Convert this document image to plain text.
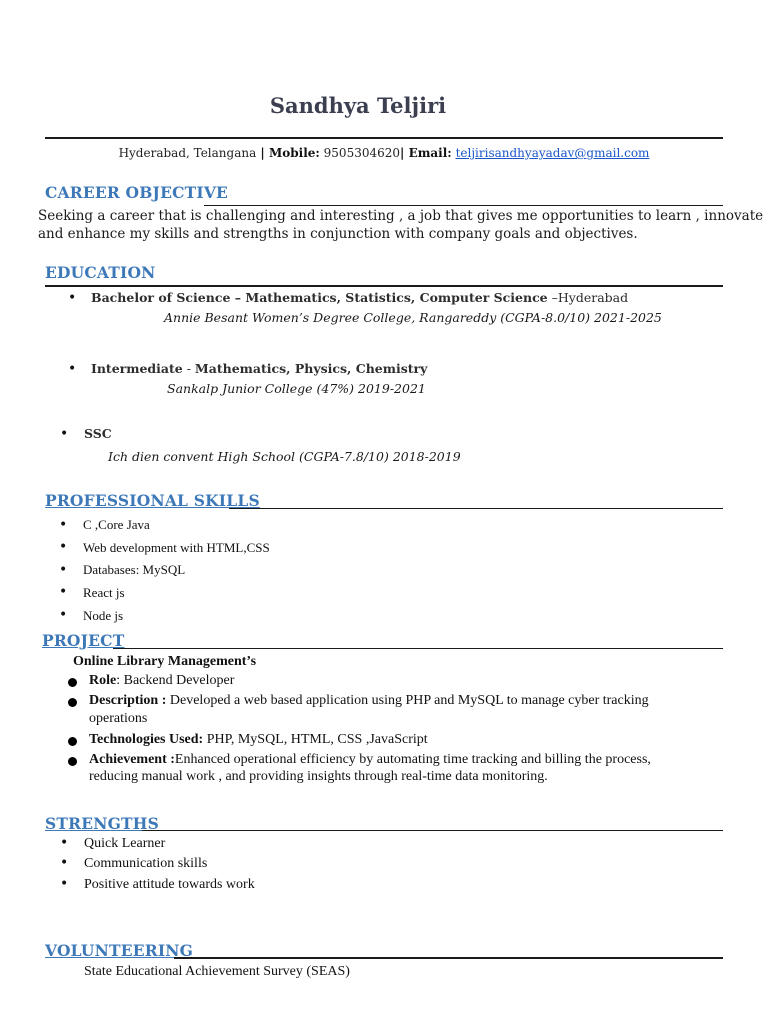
Sandhya Teljiri
Hyderabad, Telangana | Mobile: 9505304620| Email: teljirisandhyayadav@gmail.com
CAREER OBJECTIVE
Seeking a career that is challenging and interesting , a job that gives me opportunities to learn , innovate
and enhance my skills and strengths in conjunction with company goals and objectives.
EDUCATION
• Bachelor of Science – Mathematics, Statistics, Computer Science –Hyderabad
Annie Besant Women’s Degree College, Rangareddy (CGPA-8.0/10) 2021-2025
• Intermediate - Mathematics, Physics, Chemistry
Sankalp Junior College (47%) 2019-2021
• SSC
Ich dien convent High School (CGPA-7.8/10) 2018-2019
PROFESSIONAL SKILLS
• C ,Core Java
• Web development with HTML,CSS
• Databases: MySQL
• React js
• Node js
PROJECT
Online Library Management’s
Role: Backend Developer
Description : Developed a web based application using PHP and MySQL to manage cyber tracking
operations
Technologies Used: PHP, MySQL, HTML, CSS ,JavaScript
Achievement :Enhanced operational efficiency by automating time tracking and billing the process,
reducing manual work , and providing insights through real-time data monitoring.
STRENGTHS
• Quick Learner
• Communication skills
• Positive attitude towards work
VOLUNTEERING
State Educational Achievement Survey (SEAS)
